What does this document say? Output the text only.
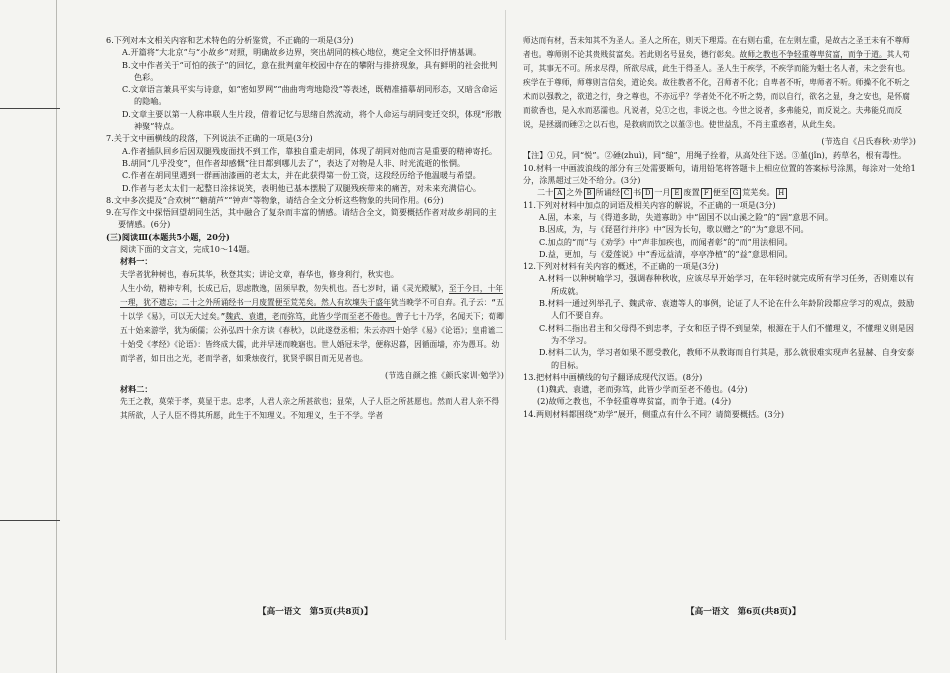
6.下列对本文相关内容和艺术特色的分析鉴赏，不正确的一项是(3分)

A.开篇将“大北京”与“小故乡”对照，明确故乡边界，突出胡同的核心地位，奠定全文怀旧抒情基调。

B.文中作者关于“可怕的孩子”的回忆，意在批判童年校园中存在的攀附与排挤现象，具有鲜明的社会批判色彩。

C.文章语言兼具平实与诗意，如“密如罗网”“曲曲弯弯地隐没”等表述，既精准描摹胡同形态，又暗含命运的隐喻。

D.文章主要以第一人称串联人生片段，借着记忆与思绪自然流动，将个人命运与胡同变迁交织，体现“形散神聚”特点。

7.关于文中画横线的段落，下列说法不正确的一项是(3分)

A.作者插队回乡后因双腿残废面找不到工作，靠独自重走胡同，体现了胡同对他而言是重要的精神寄托。

B.胡同“几乎没变”，但作者却感慨“往日都到哪儿去了”，表达了对物是人非、时光流逝的怅惘。

C.作者在胡同里遇到一群画油漆画的老太太，并在此获得第一份工资，这段经历给予他温暖与希望。

D.作者与老太太们一起整日涂抹说笑，表明他已基本摆脱了双腿残疾带来的痛苦，对未来充满信心。

8.文中多次提及“合欢树”“糖葫芦”“钟声”等物象，请结合全文分析这些物象的共同作用。(6分)

9.在写作文中探悟回望胡同生活，其中融合了复杂而丰富的情感。请结合全文，简要概括作者对故乡胡同的主要情感。(6分)

(三)阅读Ⅲ(本题共5小题，20分)

阅读下面的文言文，完成10～14题。

材料一：

夫学者犹种树也，春玩其华，秋登其实；讲论文章，春华也，修身利行，秋实也。

人生小幼，精神专利，长成已后，思虑散逸，固须早教，勿失机也。吾七岁时，诵《灵光殿赋》，至于今日，十年一理，犹不遗忘；二十之外所诵经书一月废置便至荒芜矣。然人有坎壈失于盛年犹当晚学不可自弃。孔子云：“五十以学《易》，可以无大过矣。”魏武、袁遗，老而弥笃，此皆少学而至老不倦也。曾子七十乃学，名闻天下；荀卿五十始来游学，犹为硕儒；公孙弘四十余方读《春秋》，以此遂登丞相；朱云亦四十始学《易》《论语》；皇甫谧二十始受《孝经》《论语》：皆终成大儒，此并早迷而晚寤也。世人婚冠未学，便称迟暮，因循面墙，亦为愚耳。幼而学者，如日出之光，老而学者，如秉烛夜行，犹贤乎瞑目而无见者也。

(节选自颜之推《颜氏家训·勉学》)

材料二：

先王之教，莫荣于孝，莫显于忠。忠孝，人君人亲之所甚欲也；显荣，人子人臣之所甚愿也。然而人君人亲不得其所欲，人子人臣不得其所愿，此生于不知理义。不知理义，生于不学。学者

师达而有材，吾未知其不为圣人。圣人之所在，则天下理焉。在右则右重，在左则左重，是故古之圣王未有不尊师者也。尊师则不论其贵贱贫富矣。若此则名号显矣，德行彰矣。故师之教也不争轻重尊卑贫富，而争于道。其人苟可，其事无不可。所求尽得，所欲尽成，此生于得圣人。圣人生于疾学，不疾学而能为魁士名人者，未之尝有也。疾学在于尊师，师尊则言信矣，道论矣。故往教者不化，召师者不化；自卑者不听，卑师者不听。师操不化不听之术而以强教之，欲道之行，身之尊也，不亦远乎？学者处不化不听之势，而以自行，欲名之显，身之安也，是怀腐而欲香也，是入水而恶濡也。凡说者，兑①之也，非说之也。今世之说者，多弗能兑，而反说之。夫弗能兑而反说，是拯溺而硾②之以石也，是救病而饮之以堇③也。使世益乱，不肖主重惑者，从此生矣。

(节选自《吕氏春秋·劝学》)

【注】①兑，同“悦”。②硾(zhuì)，同“缒”，用绳子拴着，从高处往下送。③堇(jǐn)，药草名，根有毒性。

10.材料一中画波浪线的部分有三处需要断句，请用铅笔将答题卡上相应位置的答案标号涂黑，每涂对一处给1分，涂黑超过三处不给分。(3分)

二十 A 之外 B 所诵经 C 书 D 一月 E 废置 F 便至 G 荒芜矣。 H

11.下列对材料中加点的词语及相关内容的解说，不正确的一项是(3分)

A.固，本来，与《得道多助，失道寡助》中“固国不以山溪之险”的“固”意思不同。

B.因成，为，与《琵琶行并序》中“因为长句，歌以赠之”的“为”意思不同。

C.加点的“而”与《劝学》中“声非加疾也，而闻者彰”的“而”用法相同。

D.益，更加，与《爱莲说》中“香远益清，亭亭净植”的“益”意思相同。

12.下列对材料有关内容的概述，不正确的一项是(3分)

A.材料一以种树喻学习，强调春种秋收，应该尽早开始学习，在年轻时就完成所有学习任务，否则难以有所成就。

B.材料一通过列举孔子、魏武帝、袁遗等人的事例，论证了人不论在什么年龄阶段都应学习的观点，鼓励人们不要自弃。

C.材料二指出君主和父母得不到忠孝，子女和臣子得不到显荣，根源在于人们不懂理义，不懂理义则是因为不学习。

D.材料二认为，学习者如果不愿受教化，教师不从教诲而自行其是，那么就很难实现声名显赫、自身安泰的目标。

13.把材料中画横线的句子翻译成现代汉语。(8分)

(1)魏武、袁遗，老而弥笃，此皆少学而至老不倦也。(4分)

(2)故师之教也，不争轻重尊卑贫富，而争于道。(4分)

14.两则材料都围绕“劝学”展开，侧重点有什么不同？请简要概括。(3分)

【高一语文　第5页(共8页)】	【高一语文　第6页(共8页)】
